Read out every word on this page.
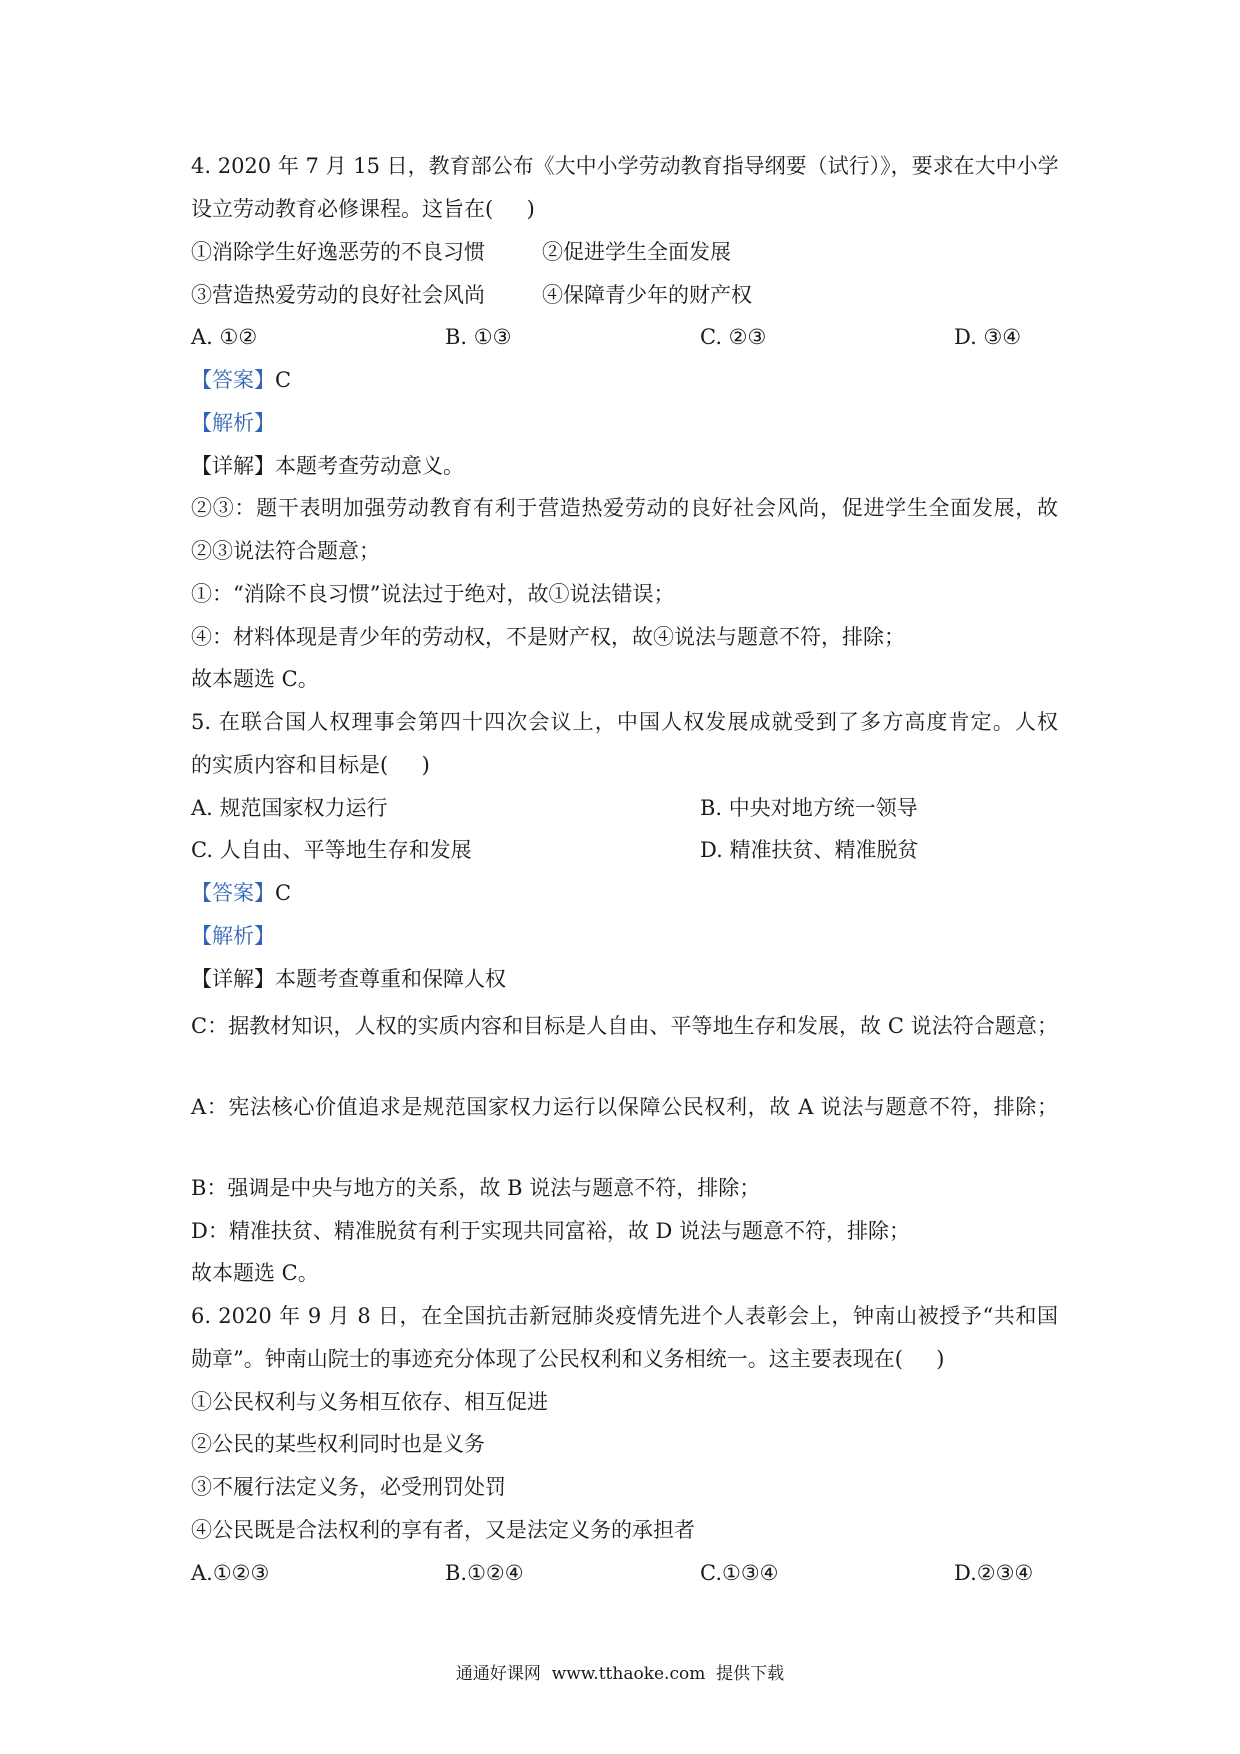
4. 2020 年 7 月 15 日，教育部公布《大中小学劳动教育指导纲要（试行）》，要求在大中小学
设立劳动教育必修课程。这旨在(     )
①消除学生好逸恶劳的不良习惯	②促进学生全面发展
③营造热爱劳动的良好社会风尚	④保障青少年的财产权
A. ①②	B. ①③	C. ②③	D. ③④
【答案】C
【解析】
【详解】本题考查劳动意义。
②③：题干表明加强劳动教育有利于营造热爱劳动的良好社会风尚，促进学生全面发展，故
②③说法符合题意；
①：“消除不良习惯”说法过于绝对，故①说法错误；
④：材料体现是青少年的劳动权，不是财产权，故④说法与题意不符，排除；
故本题选 C。
5. 在联合国人权理事会第四十四次会议上，中国人权发展成就受到了多方高度肯定。人权
的实质内容和目标是(     )
A. 规范国家权力运行	B. 中央对地方统一领导
C. 人自由、平等地生存和发展	D. 精准扶贫、精准脱贫
【答案】C
【解析】
【详解】本题考查尊重和保障人权
C：据教材知识，人权的实质内容和目标是人自由、平等地生存和发展，故 C 说法符合题意；
A：宪法核心价值追求是规范国家权力运行以保障公民权利，故 A 说法与题意不符，排除；
B：强调是中央与地方的关系，故 B 说法与题意不符，排除；
D：精准扶贫、精准脱贫有利于实现共同富裕，故 D 说法与题意不符，排除；
故本题选 C。
6. 2020 年 9 月 8 日，在全国抗击新冠肺炎疫情先进个人表彰会上，钟南山被授予“共和国
勋章”。钟南山院士的事迹充分体现了公民权利和义务相统一。这主要表现在(     )
①公民权利与义务相互依存、相互促进
②公民的某些权利同时也是义务
③不履行法定义务，必受刑罚处罚
④公民既是合法权利的享有者，又是法定义务的承担者
A.①②③	B.①②④	C.①③④	D.②③④
通通好课网  www.tthaoke.com  提供下载
